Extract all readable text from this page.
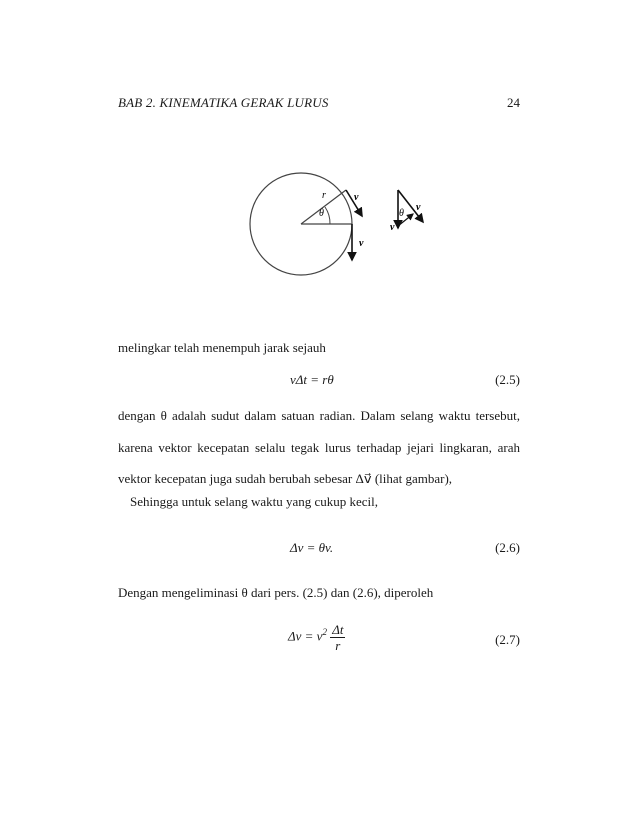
BAB 2. KINEMATIKA GERAK LURUS	24
r
θ
v
v
θ
v
v
melingkar telah menempuh jarak sejauh
vΔt = rθ	(2.5)
dengan θ adalah sudut dalam satuan radian. Dalam selang waktu tersebut,
karena vektor kecepatan selalu tegak lurus terhadap jejari lingkaran, arah
vektor kecepatan juga sudah berubah sebesar Δv⃗ (lihat gambar),
Sehingga untuk selang waktu yang cukup kecil,
Δv = θv.	(2.6)
Dengan mengeliminasi θ dari pers. (2.5) dan (2.6), diperoleh
$\Delta v = v^2 \frac{\Delta t}{r}$	(2.7)
